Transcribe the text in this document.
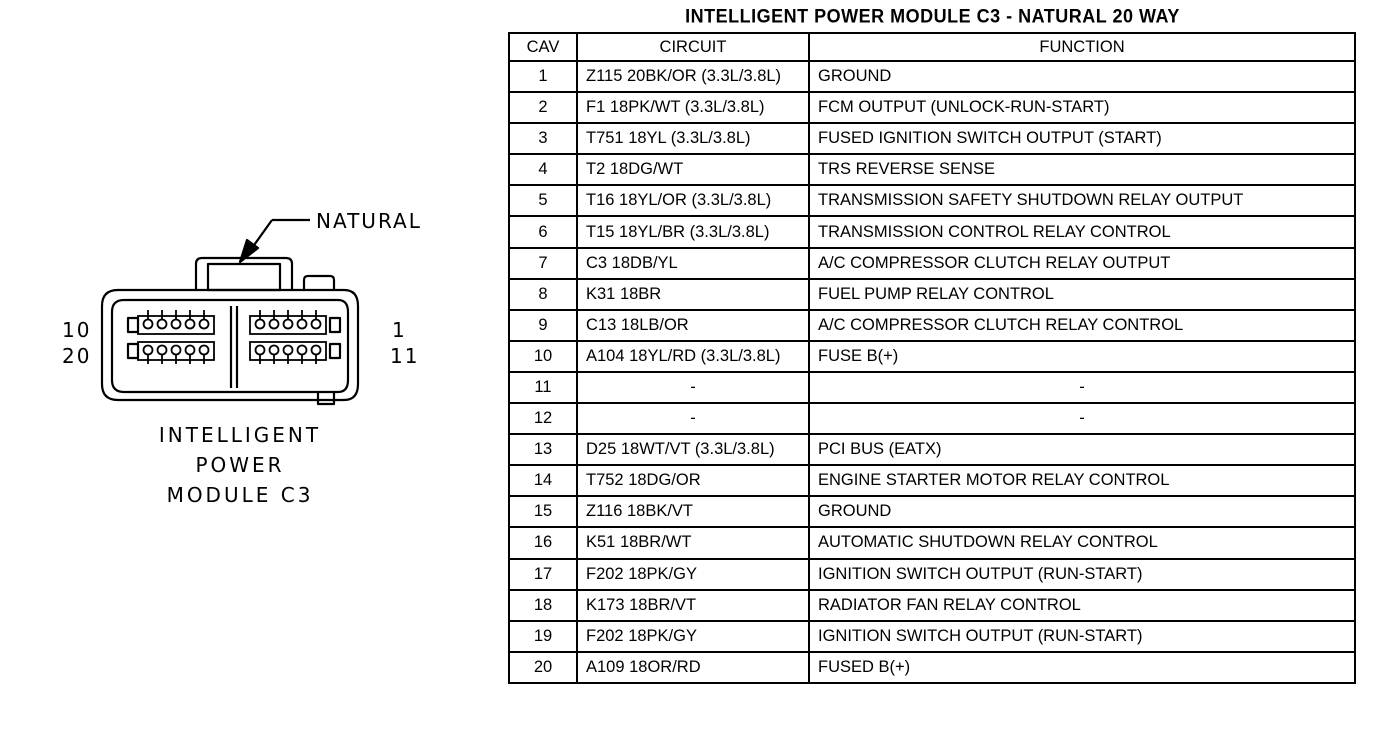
NATURAL
10
20
1
11
INTELLIGENT
POWER
MODULE C3
INTELLIGENT POWER MODULE C3 - NATURAL 20 WAY
CAV	CIRCUIT	FUNCTION
1	Z115 20BK/OR (3.3L/3.8L)	GROUND
2	F1 18PK/WT (3.3L/3.8L)	FCM OUTPUT (UNLOCK-RUN-START)
3	T751 18YL (3.3L/3.8L)	FUSED IGNITION SWITCH OUTPUT (START)
4	T2 18DG/WT	TRS REVERSE SENSE
5	T16 18YL/OR (3.3L/3.8L)	TRANSMISSION SAFETY SHUTDOWN RELAY OUTPUT
6	T15 18YL/BR (3.3L/3.8L)	TRANSMISSION CONTROL RELAY CONTROL
7	C3 18DB/YL	A/C COMPRESSOR CLUTCH RELAY OUTPUT
8	K31 18BR	FUEL PUMP RELAY CONTROL
9	C13 18LB/OR	A/C COMPRESSOR CLUTCH RELAY CONTROL
10	A104 18YL/RD (3.3L/3.8L)	FUSE B(+)
11	-	-
12	-	-
13	D25 18WT/VT (3.3L/3.8L)	PCI BUS (EATX)
14	T752 18DG/OR	ENGINE STARTER MOTOR RELAY CONTROL
15	Z116 18BK/VT	GROUND
16	K51 18BR/WT	AUTOMATIC SHUTDOWN RELAY CONTROL
17	F202 18PK/GY	IGNITION SWITCH OUTPUT (RUN-START)
18	K173 18BR/VT	RADIATOR FAN RELAY CONTROL
19	F202 18PK/GY	IGNITION SWITCH OUTPUT (RUN-START)
20	A109 18OR/RD	FUSED B(+)
